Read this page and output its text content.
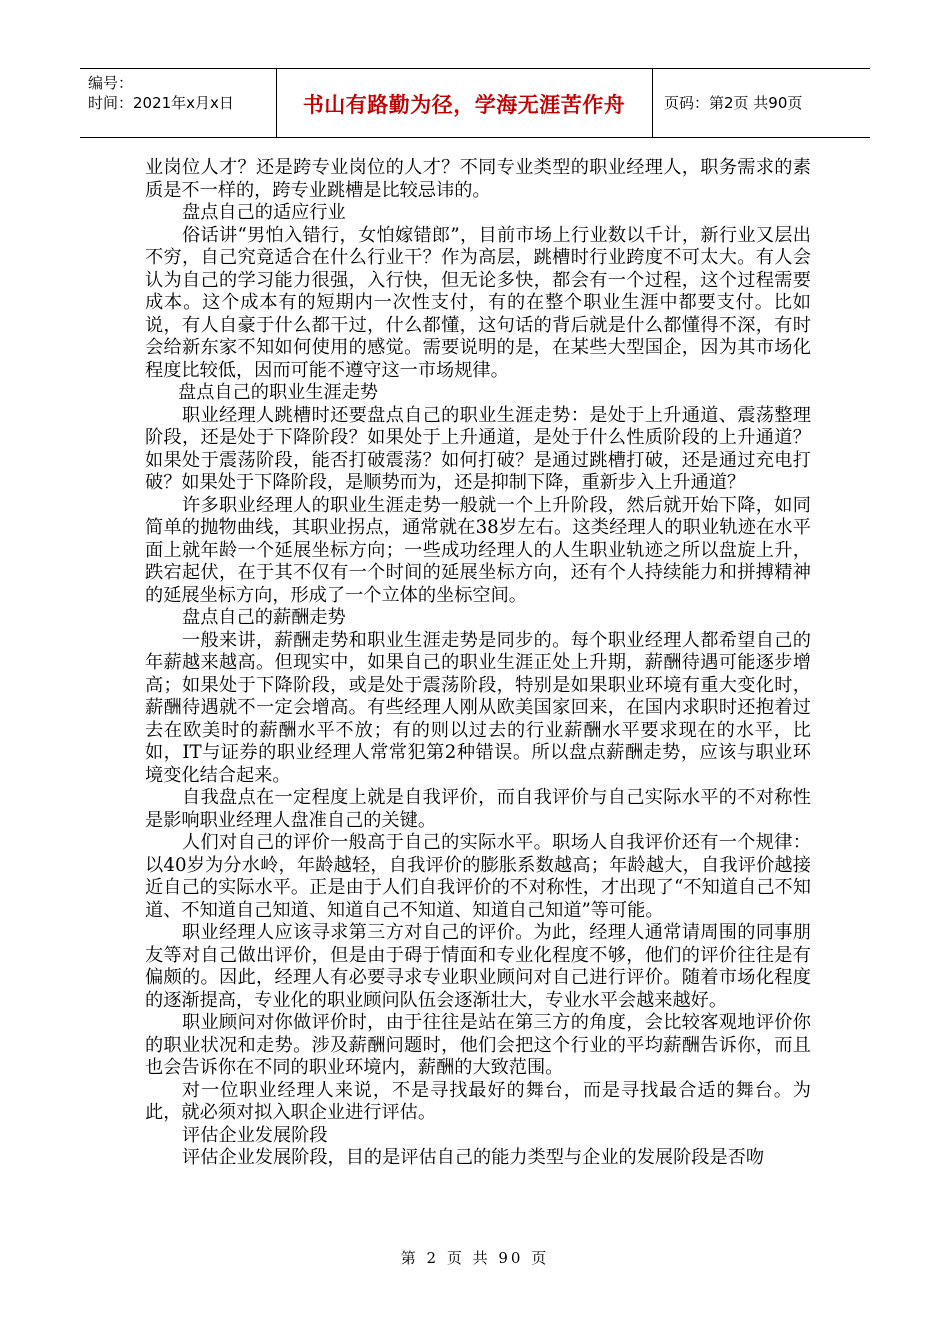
编号：
时间：2021年x月x日	书山有路勤为径，学海无涯苦作舟	页码：第2页 共90页

业岗位人才？还是跨专业岗位的人才？不同专业类型的职业经理人，职务需求的素质是不一样的，跨专业跳槽是比较忌讳的。

盘点自己的适应行业

俗话讲“男怕入错行，女怕嫁错郎”，目前市场上行业数以千计，新行业又层出不穷，自己究竟适合在什么行业干？作为高层，跳槽时行业跨度不可太大。有人会认为自己的学习能力很强，入行快，但无论多快，都会有一个过程，这个过程需要成本。这个成本有的短期内一次性支付，有的在整个职业生涯中都要支付。比如说，有人自豪于什么都干过，什么都懂，这句话的背后就是什么都懂得不深，有时会给新东家不知如何使用的感觉。需要说明的是，在某些大型国企，因为其市场化程度比较低，因而可能不遵守这一市场规律。

盘点自己的职业生涯走势

职业经理人跳槽时还要盘点自己的职业生涯走势：是处于上升通道、震荡整理阶段，还是处于下降阶段？如果处于上升通道，是处于什么性质阶段的上升通道？如果处于震荡阶段，能否打破震荡？如何打破？是通过跳槽打破，还是通过充电打破？如果处于下降阶段，是顺势而为，还是抑制下降，重新步入上升通道？

许多职业经理人的职业生涯走势一般就一个上升阶段，然后就开始下降，如同简单的抛物曲线，其职业拐点，通常就在38岁左右。这类经理人的职业轨迹在水平面上就年龄一个延展坐标方向；一些成功经理人的人生职业轨迹之所以盘旋上升，跌宕起伏，在于其不仅有一个时间的延展坐标方向，还有个人持续能力和拼搏精神的延展坐标方向，形成了一个立体的坐标空间。

盘点自己的薪酬走势

一般来讲，薪酬走势和职业生涯走势是同步的。每个职业经理人都希望自己的年薪越来越高。但现实中，如果自己的职业生涯正处上升期，薪酬待遇可能逐步增高；如果处于下降阶段，或是处于震荡阶段，特别是如果职业环境有重大变化时，薪酬待遇就不一定会增高。有些经理人刚从欧美国家回来，在国内求职时还抱着过去在欧美时的薪酬水平不放；有的则以过去的行业薪酬水平要求现在的水平，比如，IT与证券的职业经理人常常犯第2种错误。所以盘点薪酬走势，应该与职业环境变化结合起来。

自我盘点在一定程度上就是自我评价，而自我评价与自己实际水平的不对称性是影响职业经理人盘准自己的关键。

人们对自己的评价一般高于自己的实际水平。职场人自我评价还有一个规律：以40岁为分水岭，年龄越轻，自我评价的膨胀系数越高；年龄越大，自我评价越接近自己的实际水平。正是由于人们自我评价的不对称性，才出现了“不知道自己不知道、不知道自己知道、知道自己不知道、知道自己知道”等可能。

职业经理人应该寻求第三方对自己的评价。为此，经理人通常请周围的同事朋友等对自己做出评价，但是由于碍于情面和专业化程度不够，他们的评价往往是有偏颇的。因此，经理人有必要寻求专业职业顾问对自己进行评价。随着市场化程度的逐渐提高，专业化的职业顾问队伍会逐渐壮大，专业水平会越来越好。

职业顾问对你做评价时，由于往往是站在第三方的角度，会比较客观地评价你的职业状况和走势。涉及薪酬问题时，他们会把这个行业的平均薪酬告诉你，而且也会告诉你在不同的职业环境内，薪酬的大致范围。

对一位职业经理人来说，不是寻找最好的舞台，而是寻找最合适的舞台。为此，就必须对拟入职企业进行评估。

评估企业发展阶段

评估企业发展阶段，目的是评估自己的能力类型与企业的发展阶段是否吻

第 2 页 共 90 页
